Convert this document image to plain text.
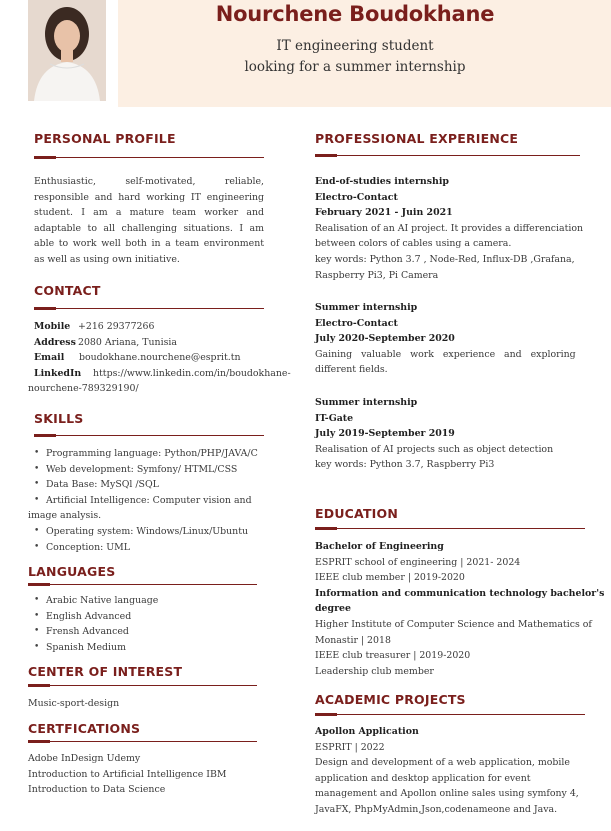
Nourchene Boudokhane
IT engineering student
looking for a summer internship
PERSONAL PROFILE
Enthusiastic, self-motivated, reliable, responsible and hard working IT engineering student. I am a mature team worker and adaptable to all challenging situations. I am able to work well both in a team environment as well as using own initiative.
CONTACT
Mobile +216 29377266
Address 2080 Ariana, Tunisia
Email boudokhane.nourchene@esprit.tn
LinkedIn https://www.linkedin.com/in/boudokhane-
nourchene-789329190/
SKILLS
• Programming language: Python/PHP/JAVA/C
• Web development: Symfony/ HTML/CSS
• Data Base: MySQl /SQL
• Artificial Intelligence: Computer vision and
image analysis.
• Operating system: Windows/Linux/Ubuntu
• Conception: UML
LANGUAGES
• Arabic Native language
• English Advanced
• Frensh Advanced
• Spanish Medium
CENTER OF INTEREST
Music-sport-design
CERTFICATIONS
Adobe InDesign Udemy
Introduction to Artificial Intelligence IBM
Introduction to Data Science
PROFESSIONAL EXPERIENCE
End-of-studies internship
Electro-Contact
February 2021 - Juin 2021
Realisation of an AI project. It provides a differenciation
between colors of cables using a camera.
key words: Python 3.7 , Node-Red, Influx-DB ,Grafana,
Raspberry Pi3, Pi Camera
Summer internship
Electro-Contact
July 2020-September 2020
Gaining   valuable   work   experience   and   exploring
different fields.
Summer internship
IT-Gate
July 2019-September 2019
Realisation of AI projects such as object detection
key words: Python 3.7, Raspberry Pi3
EDUCATION
Bachelor of Engineering
ESPRIT school of engineering | 2021- 2024
IEEE club member | 2019-2020
Information and communication technology bachelor's
degree
Higher Institute of Computer Science and Mathematics of
Monastir | 2018
IEEE club treasurer | 2019-2020
Leadership club member
ACADEMIC PROJECTS
Apollon Application
ESPRIT | 2022
Design and development of a web application, mobile
application and desktop application for event
management and Apollon online sales using symfony 4,
JavaFX, PhpMyAdmin,Json,codenameone and Java.
